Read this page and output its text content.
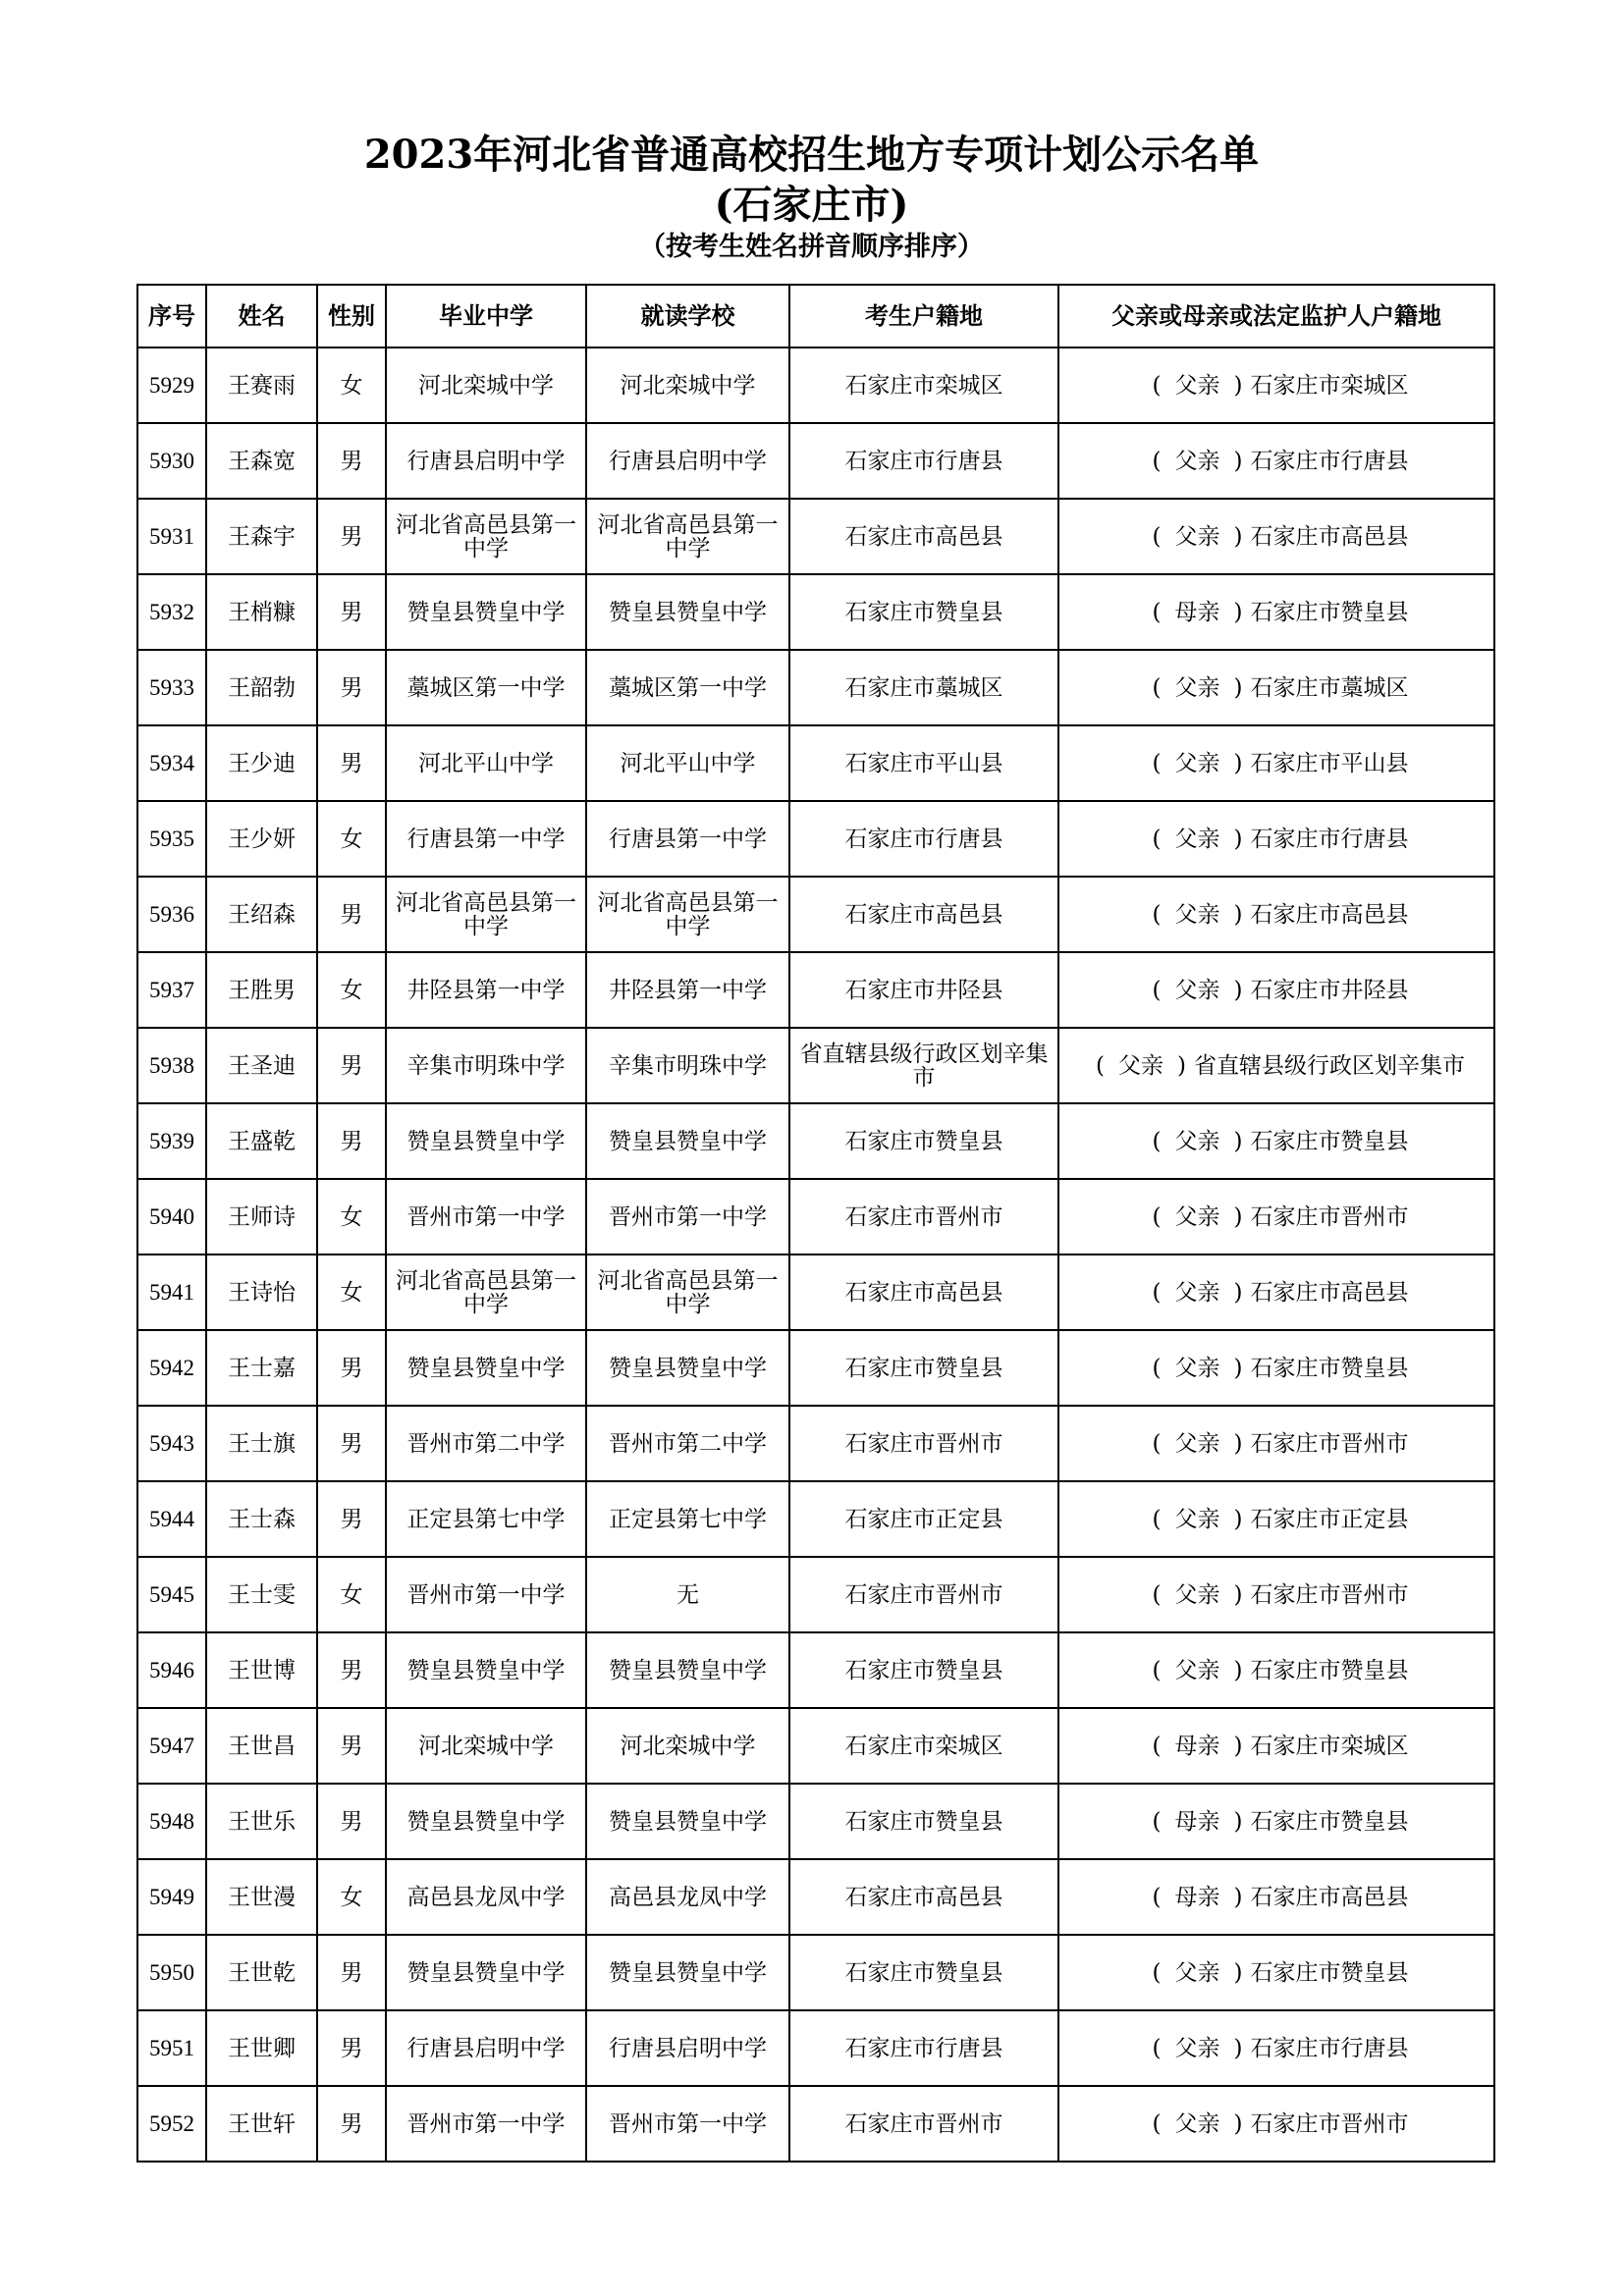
2023年河北省普通高校招生地方专项计划公示名单
(石家庄市)
（按考生姓名拼音顺序排序）
序号	姓名	性别	毕业中学	就读学校	考生户籍地	父亲或母亲或法定监护人户籍地
5929	王赛雨	女	河北栾城中学	河北栾城中学	石家庄市栾城区	( 父亲 ) 石家庄市栾城区
5930	王森宽	男	行唐县启明中学	行唐县启明中学	石家庄市行唐县	( 父亲 ) 石家庄市行唐县
5931	王森宇	男	河北省高邑县第一中学	河北省高邑县第一中学	石家庄市高邑县	( 父亲 ) 石家庄市高邑县
5932	王梢糠	男	赞皇县赞皇中学	赞皇县赞皇中学	石家庄市赞皇县	( 母亲 ) 石家庄市赞皇县
5933	王韶勃	男	藁城区第一中学	藁城区第一中学	石家庄市藁城区	( 父亲 ) 石家庄市藁城区
5934	王少迪	男	河北平山中学	河北平山中学	石家庄市平山县	( 父亲 ) 石家庄市平山县
5935	王少妍	女	行唐县第一中学	行唐县第一中学	石家庄市行唐县	( 父亲 ) 石家庄市行唐县
5936	王绍森	男	河北省高邑县第一中学	河北省高邑县第一中学	石家庄市高邑县	( 父亲 ) 石家庄市高邑县
5937	王胜男	女	井陉县第一中学	井陉县第一中学	石家庄市井陉县	( 父亲 ) 石家庄市井陉县
5938	王圣迪	男	辛集市明珠中学	辛集市明珠中学	省直辖县级行政区划辛集市	( 父亲 ) 省直辖县级行政区划辛集市
5939	王盛乾	男	赞皇县赞皇中学	赞皇县赞皇中学	石家庄市赞皇县	( 父亲 ) 石家庄市赞皇县
5940	王师诗	女	晋州市第一中学	晋州市第一中学	石家庄市晋州市	( 父亲 ) 石家庄市晋州市
5941	王诗怡	女	河北省高邑县第一中学	河北省高邑县第一中学	石家庄市高邑县	( 父亲 ) 石家庄市高邑县
5942	王士嘉	男	赞皇县赞皇中学	赞皇县赞皇中学	石家庄市赞皇县	( 父亲 ) 石家庄市赞皇县
5943	王士旗	男	晋州市第二中学	晋州市第二中学	石家庄市晋州市	( 父亲 ) 石家庄市晋州市
5944	王士森	男	正定县第七中学	正定县第七中学	石家庄市正定县	( 父亲 ) 石家庄市正定县
5945	王士雯	女	晋州市第一中学	无	石家庄市晋州市	( 父亲 ) 石家庄市晋州市
5946	王世博	男	赞皇县赞皇中学	赞皇县赞皇中学	石家庄市赞皇县	( 父亲 ) 石家庄市赞皇县
5947	王世昌	男	河北栾城中学	河北栾城中学	石家庄市栾城区	( 母亲 ) 石家庄市栾城区
5948	王世乐	男	赞皇县赞皇中学	赞皇县赞皇中学	石家庄市赞皇县	( 母亲 ) 石家庄市赞皇县
5949	王世漫	女	高邑县龙凤中学	高邑县龙凤中学	石家庄市高邑县	( 母亲 ) 石家庄市高邑县
5950	王世乾	男	赞皇县赞皇中学	赞皇县赞皇中学	石家庄市赞皇县	( 父亲 ) 石家庄市赞皇县
5951	王世卿	男	行唐县启明中学	行唐县启明中学	石家庄市行唐县	( 父亲 ) 石家庄市行唐县
5952	王世轩	男	晋州市第一中学	晋州市第一中学	石家庄市晋州市	( 父亲 ) 石家庄市晋州市
